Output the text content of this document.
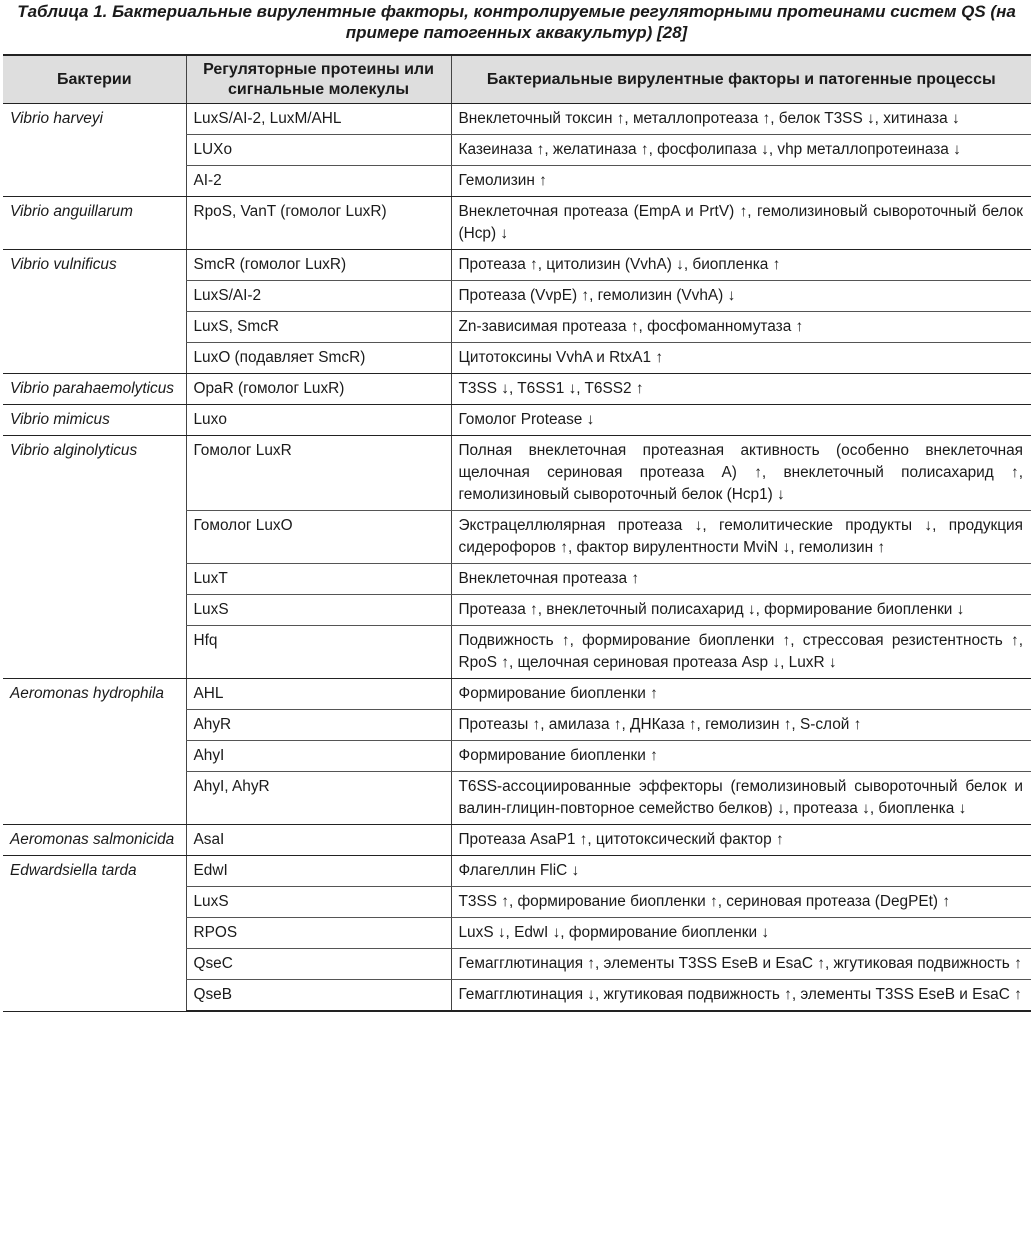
Таблица 1. Бактериальные вирулентные факторы, контролируемые регуляторными протеинами систем QS (на примере патогенных аквакультур) [28]
Бактерии	Регуляторные протеины или сигнальные молекулы	Бактериальные вирулентные факторы и патогенные процессы
Vibrio harveyi	LuxS/AI-2, LuxM/AHL	Внеклеточный токсин ↑, металлопротеаза ↑, белок T3SS ↓, хитиназа ↓
	LUXo	Казеиназа ↑, желатиназа ↑, фосфолипаза ↓, vhp металлопротеиназа ↓
	AI-2	Гемолизин ↑
Vibrio anguillarum	RpoS, VanT (гомолог LuxR)	Внеклеточная протеаза (EmpA и PrtV) ↑, гемолизиновый сывороточный белок (Hcp) ↓
Vibrio vulnificus	SmcR (гомолог LuxR)	Протеаза ↑, цитолизин (VvhA) ↓, биопленка ↑
	LuxS/AI-2	Протеаза (VvpE) ↑, гемолизин (VvhA) ↓
	LuxS, SmcR	Zn-зависимая протеаза ↑, фосфоманномутаза ↑
	LuxO (подавляет SmcR)	Цитотоксины VvhA и RtxA1 ↑
Vibrio parahaemolyticus	OpaR (гомолог LuxR)	T3SS ↓, T6SS1 ↓, T6SS2 ↑
Vibrio mimicus	Luxo	Гомолог Protease ↓
Vibrio alginolyticus	Гомолог LuxR	Полная внеклеточная протеазная активность (особенно внеклеточная щелочная сериновая протеаза A) ↑, внеклеточный полисахарид ↑, гемолизиновый сывороточный белок (Hcp1) ↓
	Гомолог LuxO	Экстрацеллюлярная протеаза ↓, гемолитические продукты ↓, продукция сидерофоров ↑, фактор вирулентности MviN ↓, гемолизин ↑
	LuxT	Внеклеточная протеаза ↑
	LuxS	Протеаза ↑, внеклеточный полисахарид ↓, формирование биопленки ↓
	Hfq	Подвижность ↑, формирование биопленки ↑, стрессовая резистентность ↑, RpoS ↑, щелочная сериновая протеаза Asp ↓, LuxR ↓
Aeromonas hydrophila	AHL	Формирование биопленки ↑
	AhyR	Протеазы ↑, амилаза ↑, ДНКаза ↑, гемолизин ↑, S-слой ↑
	AhyI	Формирование биопленки ↑
	AhyI, AhyR	T6SS-ассоциированные эффекторы (гемолизиновый сывороточный белок и валин-глицин-повторное семейство белков) ↓, протеаза ↓, биопленка ↓
Aeromonas salmonicida	AsaI	Протеаза AsaP1 ↑, цитотоксический фактор ↑
Edwardsiella tarda	EdwI	Флагеллин FliC ↓
	LuxS	T3SS ↑, формирование биопленки ↑, сериновая протеаза (DegPEt) ↑
	RPOS	LuxS ↓, EdwI ↓, формирование биопленки ↓
	QseC	Гемагглютинация ↑, элементы T3SS EseB и EsaC ↑, жгутиковая подвижность ↑
	QseB	Гемагглютинация ↓, жгутиковая подвижность ↑, элементы T3SS EseB и EsaC ↑
